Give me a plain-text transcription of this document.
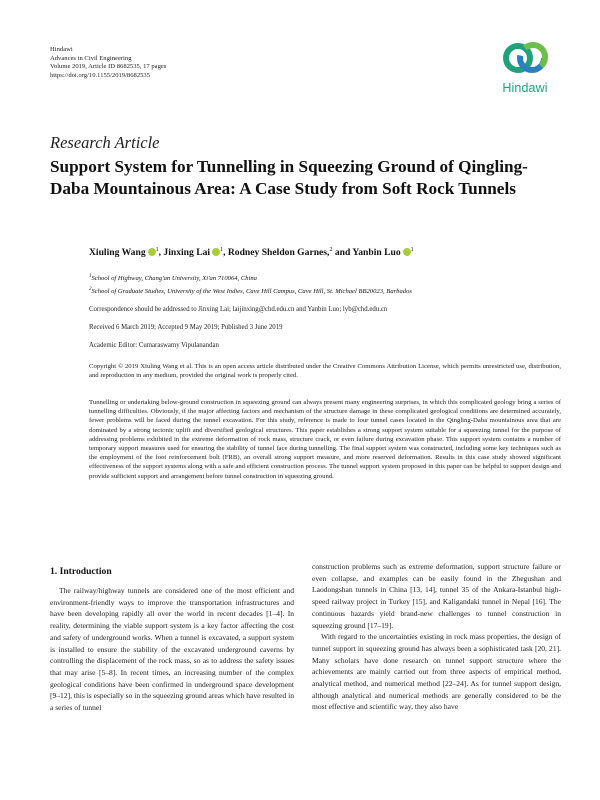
Hindawi
Advances in Civil Engineering
Volume 2019, Article ID 8682535, 17 pages
https://doi.org/10.1155/2019/8682535
Hindawi
Research Article
Support System for Tunnelling in Squeezing Ground of Qingling-Daba Mountainous Area: A Case Study from Soft Rock Tunnels
Xiuling Wang $^1$, Jinxing Lai $^1$, Rodney Sheldon Garnes,$^2$ and Yanbin Luo $^1$
$^1$School of Highway, Chang'an University, Xi'an 710064, China
$^2$School of Graduate Studies, University of the West Indies, Cave Hill Campus, Cave Hill, St. Michael BB20023, Barbados
Correspondence should be addressed to Jinxing Lai; laijinxing@chd.edu.cn and Yanbin Luo; lyb@chd.edu.cn
Received 6 March 2019; Accepted 9 May 2019; Published 3 June 2019
Academic Editor: Cumaraswamy Vipulanandan
Copyright © 2019 Xiuling Wang et al. This is an open access article distributed under the Creative Commons Attribution License, which permits unrestricted use, distribution, and reproduction in any medium, provided the original work is properly cited.
Tunnelling or undertaking below-ground construction in squeezing ground can always present many engineering surprises, in which this complicated geology bring a series of tunnelling difficulties. Obviously, if the major affecting factors and mechanism of the structure damage in these complicated geological conditions are determined accurately, fewer problems will be faced during the tunnel excavation. For this study, reference is made to four tunnel cases located in the Qingling-Daba mountainous area that are dominated by a strong tectonic uplift and diversified geological structures. This paper establishes a strong support system suitable for a squeezing tunnel for the purpose of addressing problems exhibited in the extreme deformation of rock mass, structure crack, or even failure during excavation phase. This support system contains a number of temporary support measures used for ensuring the stability of tunnel face during tunnelling. The final support system was constructed, including some key techniques such as the employment of the foot reinforcement bolt (FRB), an overall strong support measure, and more reserved deformation. Results in this case study showed significant effectiveness of the support systems along with a safe and efficient construction process. The tunnel support system proposed in this paper can be helpful to support design and provide sufficient support and arrangement before tunnel construction in squeezing ground.
1. Introduction
The railway/highway tunnels are considered one of the most efficient and environment-friendly ways to improve the transportation infrastructures and have been developing rapidly all over the world in recent decades [1–4]. In reality, determining the viable support system is a key factor affecting the cost and safety of underground works. When a tunnel is excavated, a support system is installed to ensure the stability of the excavated underground caverns by controlling the displacement of the rock mass, so as to address the safety issues that may arise [5–8]. In recent times, an increasing number of the complex geological conditions have been confirmed in underground space development [9–12], this is especially so in the squeezing ground areas which have resulted in a series of tunnel

construction problems such as extreme deformation, support structure failure or even collapse, and examples can be easily found in the Zhegushan and Laodongshan tunnels in China [13, 14], tunnel 35 of the Ankara-Istanbul high-speed railway project in Turkey [15], and Kaligandaki tunnel in Nepal [16]. The continuous hazards yield brand-new challenges to tunnel construction in squeezing ground [17–19].

With regard to the uncertainties existing in rock mass properties, the design of tunnel support in squeezing ground has always been a sophisticated task [20, 21]. Many scholars have done research on tunnel support structure where the achievements are mainly carried out from three aspects of empirical method, analytical method, and numerical method [22–24]. As for tunnel support design, although analytical and numerical methods are generally considered to be the most effective and scientific way, they also have
